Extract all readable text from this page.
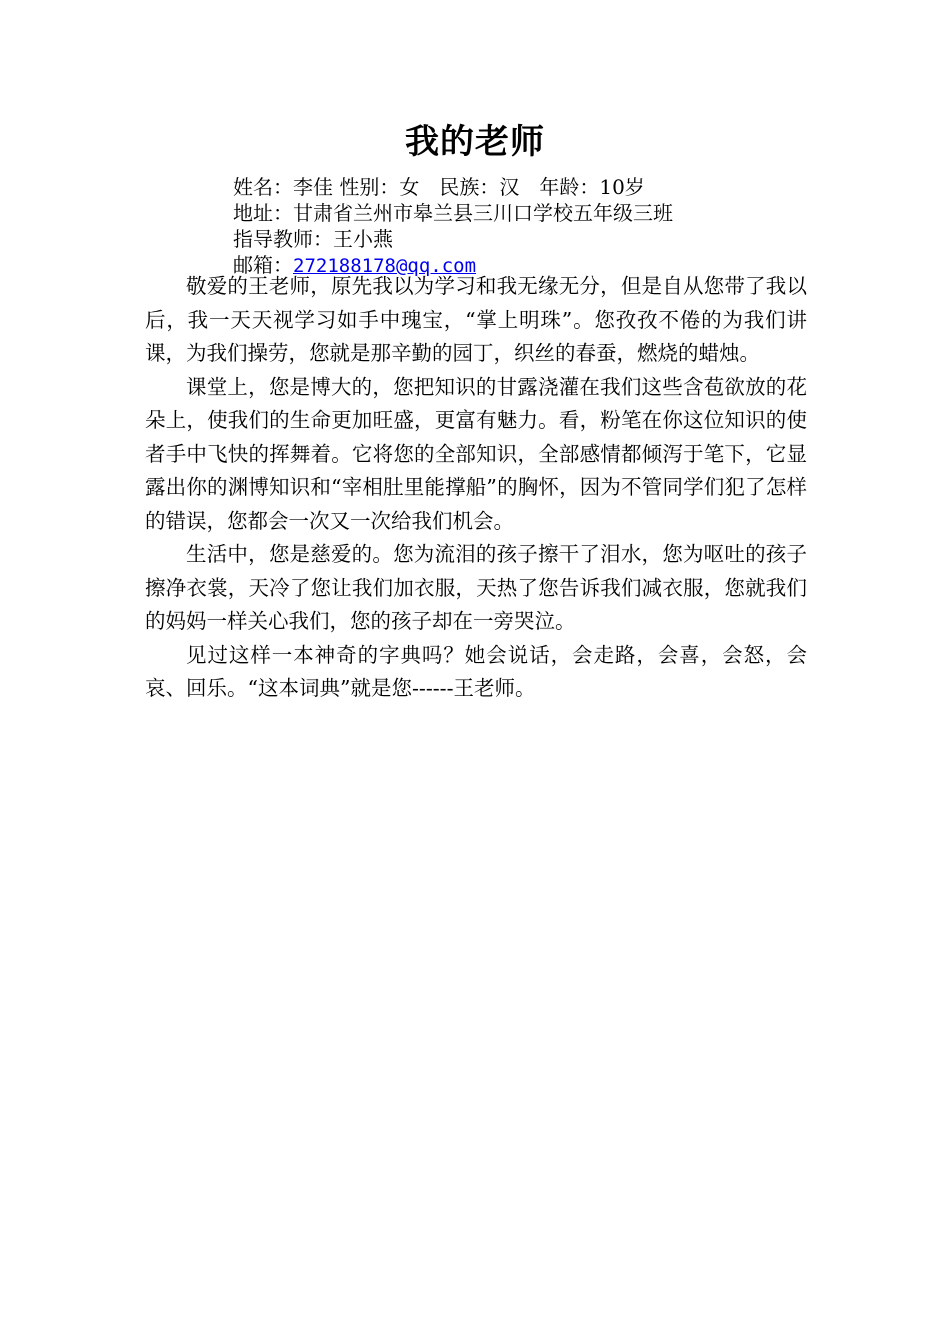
我的老师
姓名：李佳 性别：女　民族：汉　年龄：10岁
地址：甘肃省兰州市皋兰县三川口学校五年级三班
指导教师：王小燕
邮箱：272188178@qq.com

敬爱的王老师，原先我以为学习和我无缘无分，但是自从您带了我以后，我一天天视学习如手中瑰宝，“掌上明珠”。您孜孜不倦的为我们讲课，为我们操劳，您就是那辛勤的园丁，织丝的春蚕，燃烧的蜡烛。

课堂上，您是博大的，您把知识的甘露浇灌在我们这些含苞欲放的花朵上，使我们的生命更加旺盛，更富有魅力。看，粉笔在你这位知识的使者手中飞快的挥舞着。它将您的全部知识，全部感情都倾泻于笔下，它显露出你的渊博知识和“宰相肚里能撑船”的胸怀，因为不管同学们犯了怎样的错误，您都会一次又一次给我们机会。

生活中，您是慈爱的。您为流泪的孩子擦干了泪水，您为呕吐的孩子擦净衣裳，天冷了您让我们加衣服，天热了您告诉我们减衣服，您就我们的妈妈一样关心我们，您的孩子却在一旁哭泣。

见过这样一本神奇的字典吗？她会说话，会走路，会喜，会怒，会哀、回乐。“这本词典”就是您------王老师。
